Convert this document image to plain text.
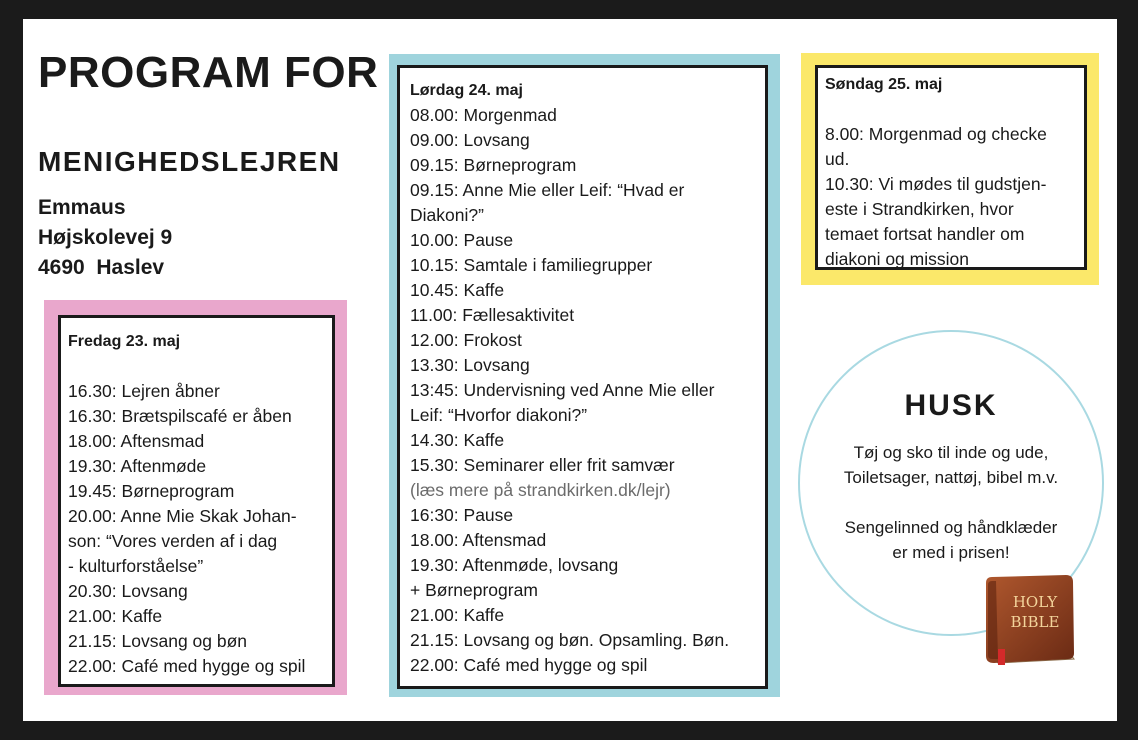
PROGRAM FOR
MENIGHEDSLEJREN
Emmaus
Højskolevej 9
4690  Haslev
Fredag 23. maj
16.30: Lejren åbner
16.30: Brætspilscafé er åben
18.00: Aftensmad
19.30: Aftenmøde
19.45: Børneprogram
20.00: Anne Mie Skak Johan-
son: “Vores verden af i dag
- kulturforståelse”
20.30: Lovsang
21.00: Kaffe
21.15: Lovsang og bøn
22.00: Café med hygge og spil
Lørdag 24. maj
08.00: Morgenmad
09.00: Lovsang
09.15: Børneprogram
09.15: Anne Mie eller Leif: “Hvad er
Diakoni?”
10.00: Pause
10.15: Samtale i familiegrupper
10.45: Kaffe
11.00: Fællesaktivitet
12.00: Frokost
13.30: Lovsang
13:45: Undervisning ved Anne Mie eller
Leif: “Hvorfor diakoni?”
14.30: Kaffe
15.30: Seminarer eller frit samvær
(læs mere på strandkirken.dk/lejr)
16:30: Pause
18.00: Aftensmad
19.30: Aftenmøde, lovsang
+ Børneprogram
21.00: Kaffe
21.15: Lovsang og bøn. Opsamling. Bøn.
22.00: Café med hygge og spil
Søndag 25. maj
8.00: Morgenmad og checke
ud.
10.30: Vi mødes til gudstjen-
este i Strandkirken, hvor
temaet fortsat handler om
diakoni og mission
HUSK
Tøj og sko til inde og ude,
Toiletsager, nattøj, bibel m.v.
Sengelinned og håndklæder
er med i prisen!
HOLY
BIBLE
